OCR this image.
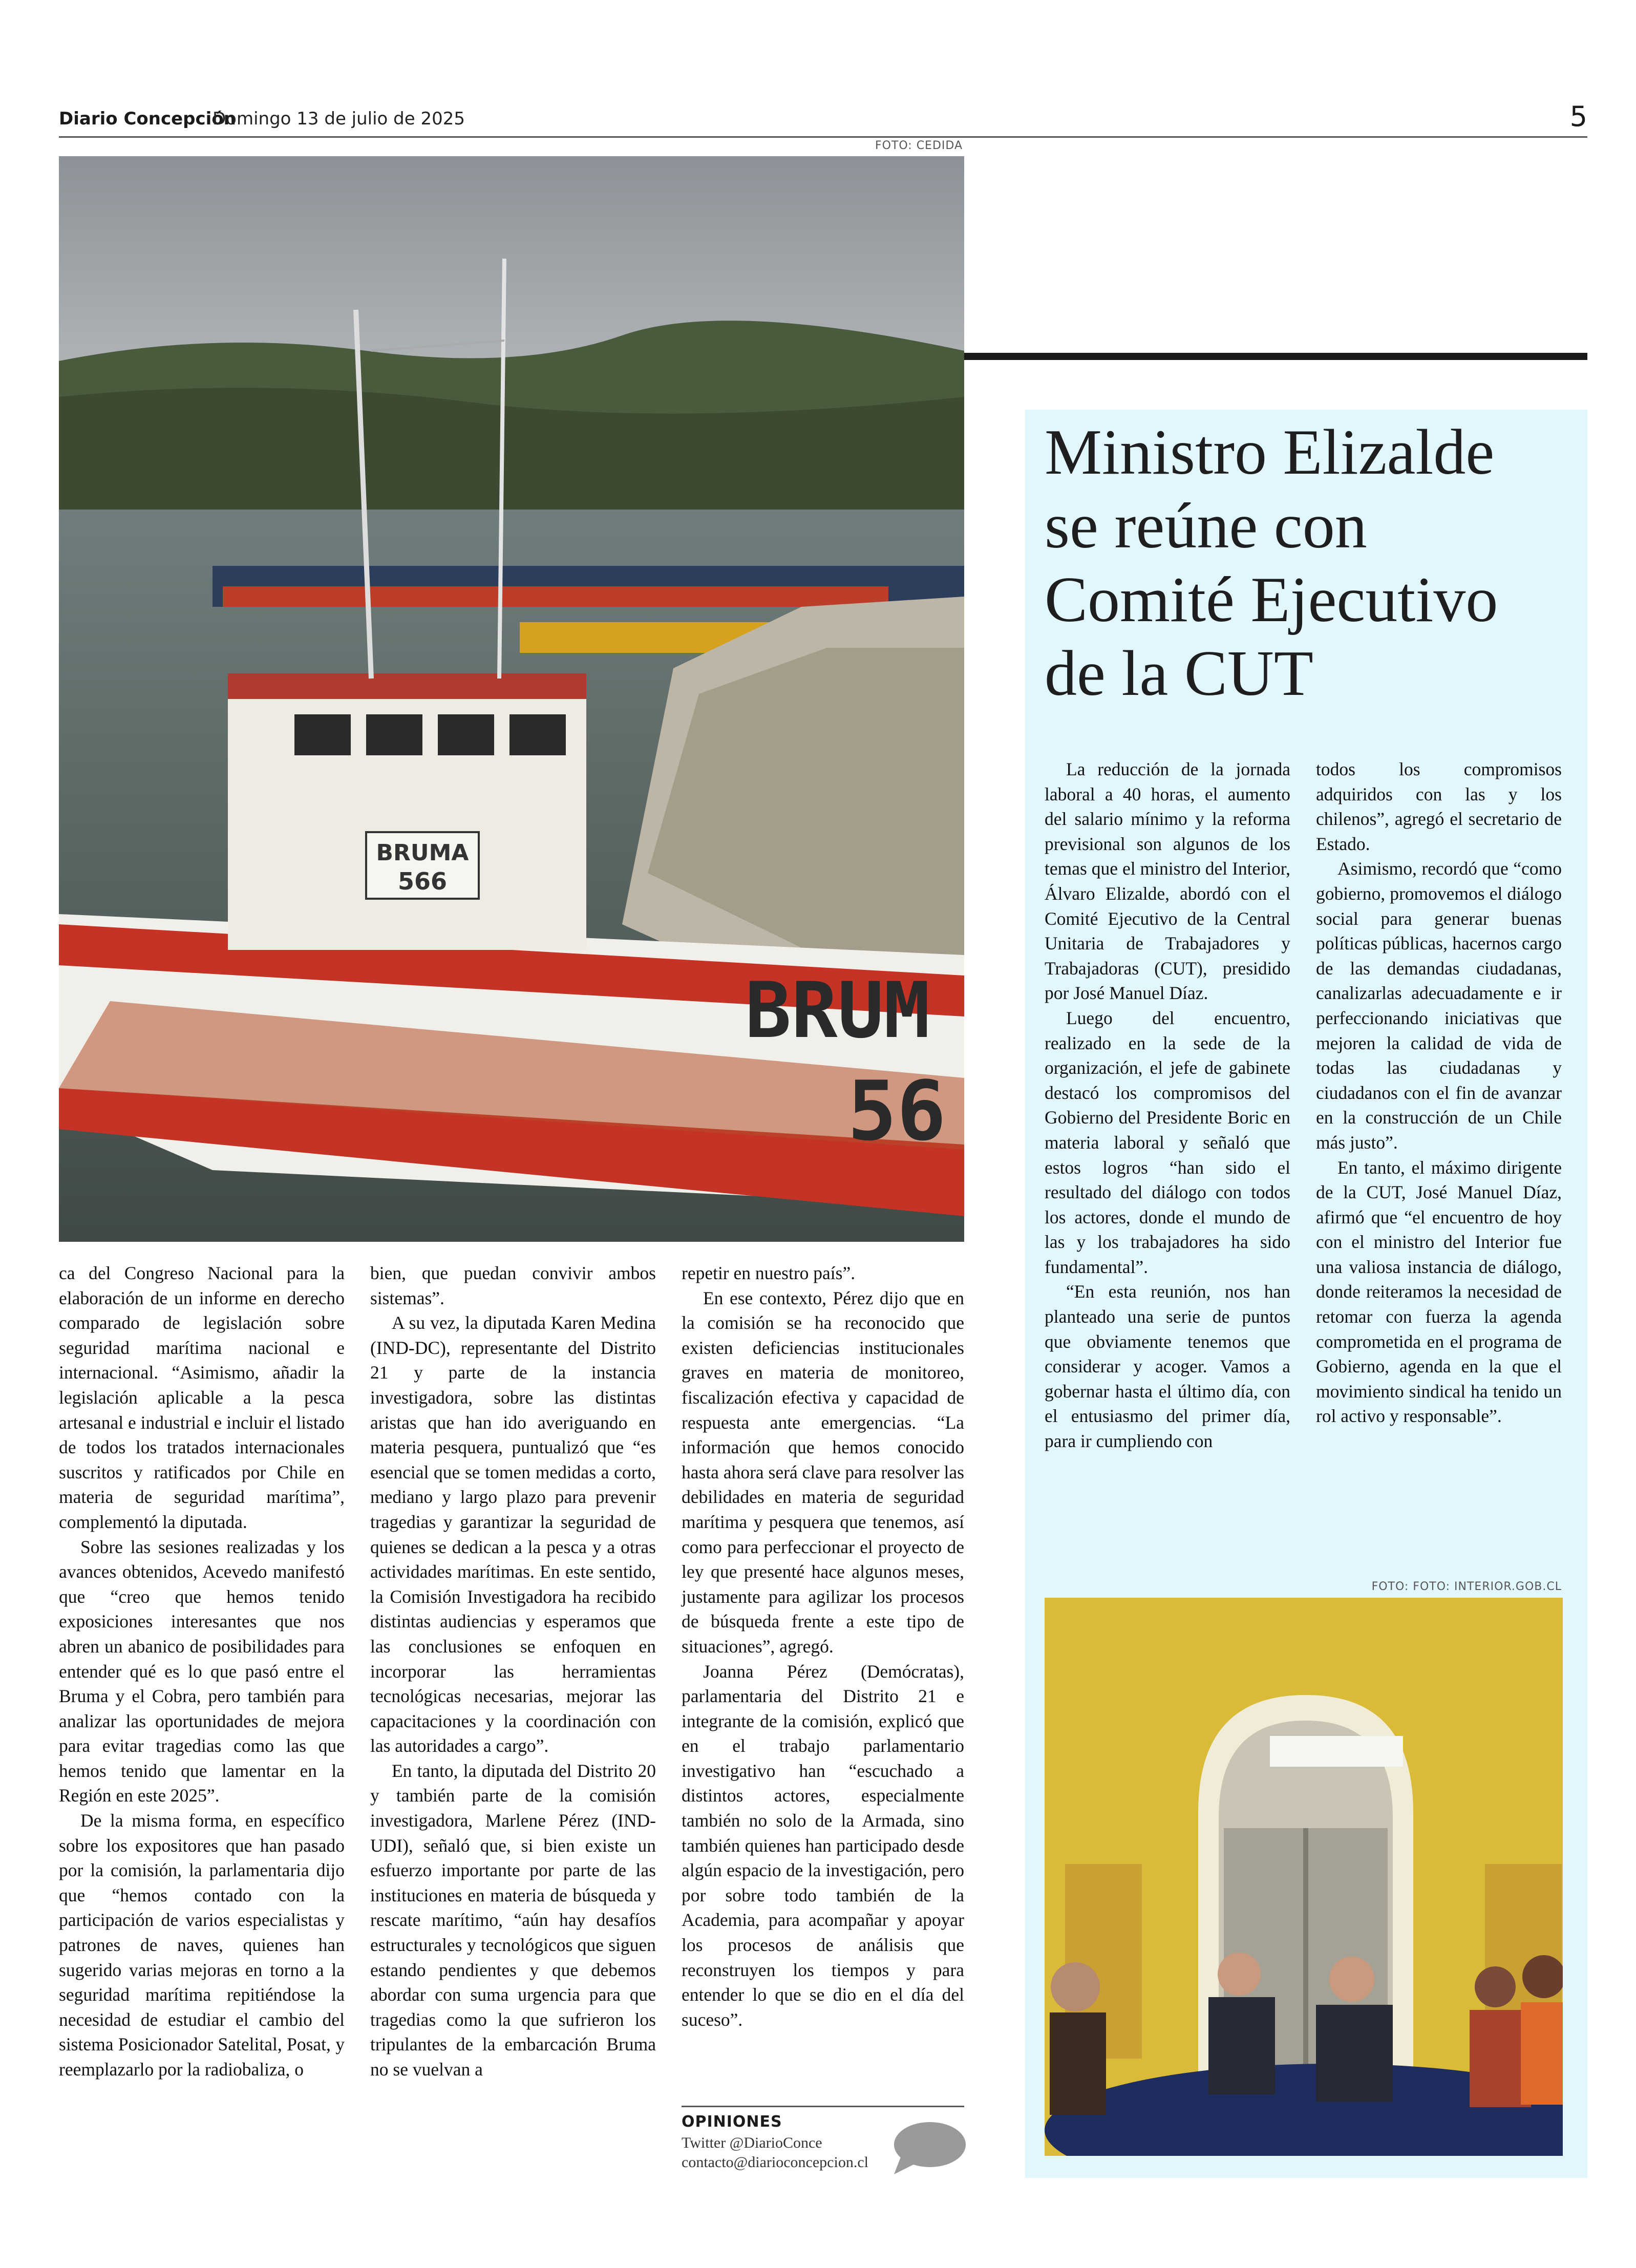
Diario Concepción
Domingo 13 de julio de 2025	5
FOTO: CEDIDA
BRUMA
566
BRUM
56
Ministro Elizalde
se reúne con
Comité Ejecutivo
de la CUT

La reducción de la jornada laboral a 40 horas, el aumento del salario mínimo y la reforma previsional son algunos de los temas que el ministro del Interior, Álvaro Elizalde, abordó con el Comité Ejecutivo de la Central Unitaria de Trabajadores y Trabajadoras (CUT), presidido por José Manuel Díaz.

Luego del encuentro, realizado en la sede de la organización, el jefe de gabinete destacó los compromisos del Gobierno del Presidente Boric en materia laboral y señaló que estos logros “han sido el resultado del diálogo con todos los actores, donde el mundo de las y los trabajadores ha sido fundamental”.

“En esta reunión, nos han planteado una serie de puntos que obviamente tenemos que considerar y acoger. Vamos a gobernar hasta el último día, con el entusiasmo del primer día, para ir cumpliendo con

todos los compromisos adquiridos con las y los chilenos”, agregó el secretario de Estado.

Asimismo, recordó que “como gobierno, promovemos el diálogo social para generar buenas políticas públicas, hacernos cargo de las demandas ciudadanas, canalizarlas adecuadamente e ir perfeccionando iniciativas que mejoren la calidad de vida de todas las ciudadanas y ciudadanos con el fin de avanzar en la construcción de un Chile más justo”.

En tanto, el máximo dirigente de la CUT, José Manuel Díaz, afirmó que “el encuentro de hoy con el ministro del Interior fue una valiosa instancia de diálogo, donde reiteramos la necesidad de retomar con fuerza la agenda comprometida en el programa de Gobierno, agenda en la que el movimiento sindical ha tenido un rol activo y responsable”.

FOTO: FOTO: INTERIOR.GOB.CL

ca del Congreso Nacional para la elaboración de un informe en derecho comparado de legislación sobre seguridad marítima nacional e internacional. “Asimismo, añadir la legislación aplicable a la pesca artesanal e industrial e incluir el listado de todos los tratados internacionales suscritos y ratificados por Chile en materia de seguridad marítima”, complementó la diputada.

Sobre las sesiones realizadas y los avances obtenidos, Acevedo manifestó que “creo que hemos tenido exposiciones interesantes que nos abren un abanico de posibilidades para entender qué es lo que pasó entre el Bruma y el Cobra, pero también para analizar las oportunidades de mejora para evitar tragedias como las que hemos tenido que lamentar en la Región en este 2025”.

De la misma forma, en específico sobre los expositores que han pasado por la comisión, la parlamentaria dijo que “hemos contado con la participación de varios especialistas y patrones de naves, quienes han sugerido varias mejoras en torno a la seguridad marítima repitiéndose la necesidad de estudiar el cambio del sistema Posicionador Satelital, Posat, y reemplazarlo por la radiobaliza, o

bien, que puedan convivir ambos sistemas”.

A su vez, la diputada Karen Medina (IND-DC), representante del Distrito 21 y parte de la instancia investigadora, sobre las distintas aristas que han ido averiguando en materia pesquera, puntualizó que “es esencial que se tomen medidas a corto, mediano y largo plazo para prevenir tragedias y garantizar la seguridad de quienes se dedican a la pesca y a otras actividades marítimas. En este sentido, la Comisión Investigadora ha recibido distintas audiencias y esperamos que las conclusiones se enfoquen en incorporar las herramientas tecnológicas necesarias, mejorar las capacitaciones y la coordinación con las autoridades a cargo”.

En tanto, la diputada del Distrito 20 y también parte de la comisión investigadora, Marlene Pérez (IND-UDI), señaló que, si bien existe un esfuerzo importante por parte de las instituciones en materia de búsqueda y rescate marítimo, “aún hay desafíos estructurales y tecnológicos que siguen estando pendientes y que debemos abordar con suma urgencia para que tragedias como la que sufrieron los tripulantes de la embarcación Bruma no se vuelvan a

repetir en nuestro país”.

En ese contexto, Pérez dijo que en la comisión se ha reconocido que existen deficiencias institucionales graves en materia de monitoreo, fiscalización efectiva y capacidad de respuesta ante emergencias. “La información que hemos conocido hasta ahora será clave para resolver las debilidades en materia de seguridad marítima y pesquera que tenemos, así como para perfeccionar el proyecto de ley que presenté hace algunos meses, justamente para agilizar los procesos de búsqueda frente a este tipo de situaciones”, agregó.

Joanna Pérez (Demócratas), parlamentaria del Distrito 21 e integrante de la comisión, explicó que en el trabajo parlamentario investigativo han “escuchado a distintos actores, especialmente también no solo de la Armada, sino también quienes han participado desde algún espacio de la investigación, pero por sobre todo también de la Academia, para acompañar y apoyar los procesos de análisis que reconstruyen los tiempos y para entender lo que se dio en el día del suceso”.

OPINIONES
Twitter @DiarioConce
contacto@diarioconcepcion.cl
